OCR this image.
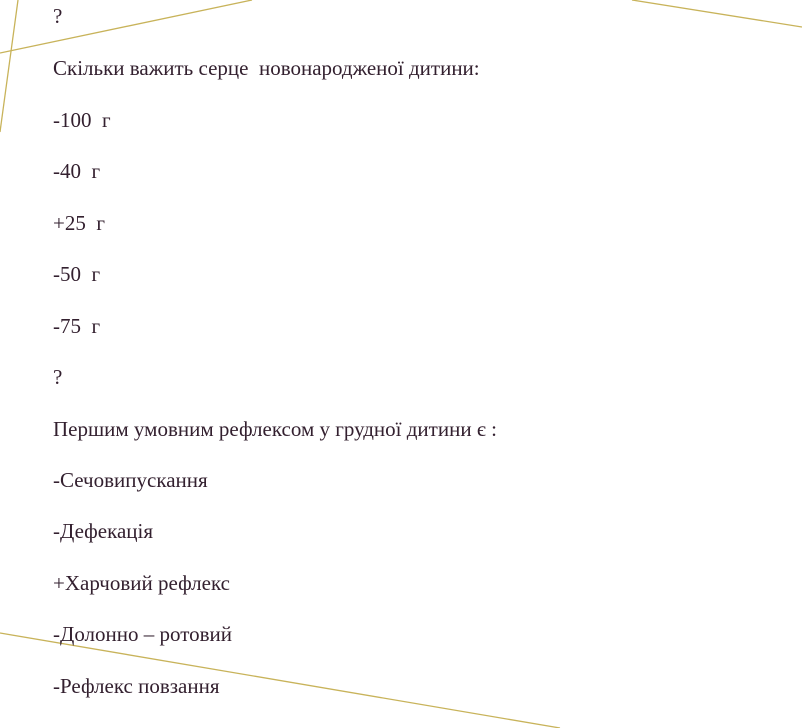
?
Скільки важить серце  новонародженої дитини:
-100  г
-40  г
+25  г
-50  г
-75  г
?
Першим умовним рефлексом у грудної дитини є :
-Сечовипускання
-Дефекація
+Харчовий рефлекс
-Долонно – ротовий
-Рефлекс повзання
